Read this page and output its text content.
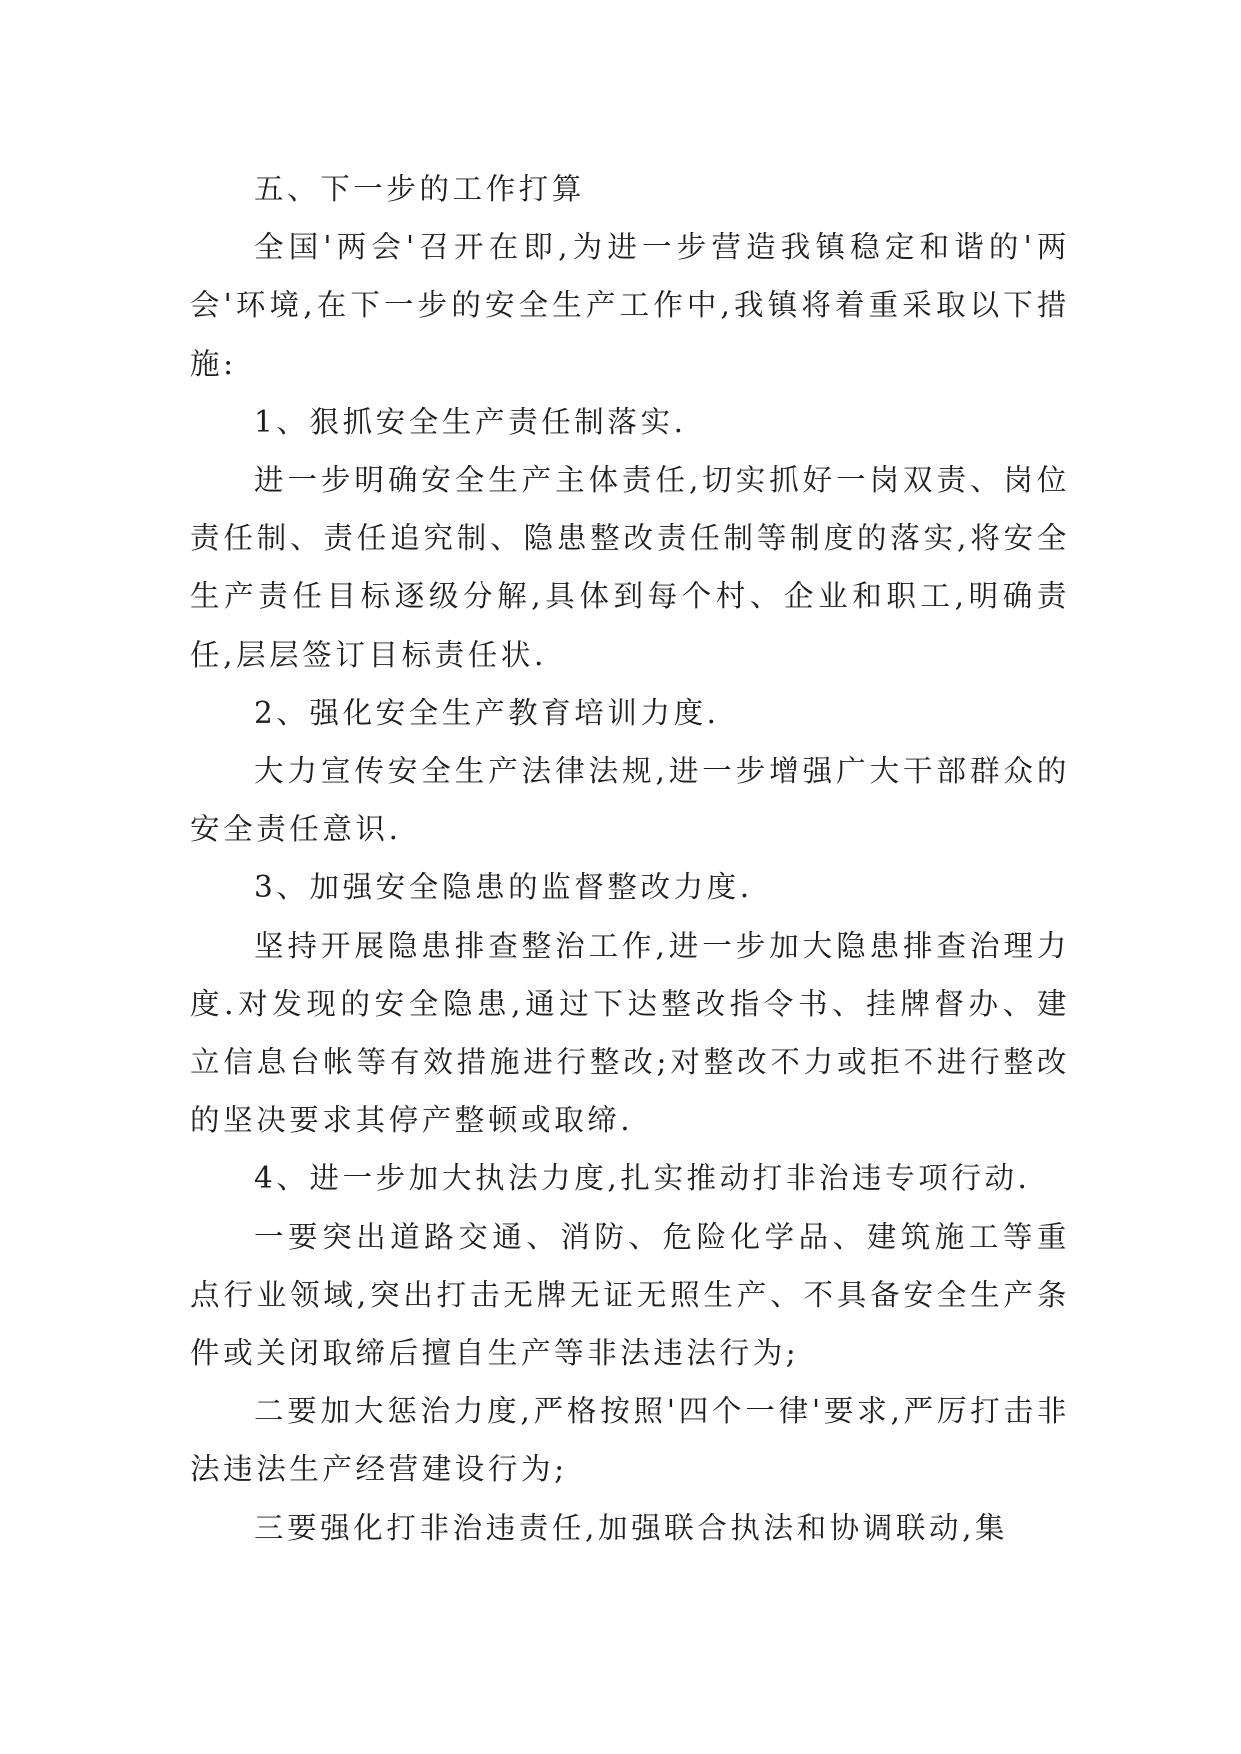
五、下一步的工作打算

全国'两会'召开在即,为进一步营造我镇稳定和谐的'两会'环境,在下一步的安全生产工作中,我镇将着重采取以下措施:

1、狠抓安全生产责任制落实.

进一步明确安全生产主体责任,切实抓好一岗双责、岗位责任制、责任追究制、隐患整改责任制等制度的落实,将安全生产责任目标逐级分解,具体到每个村、企业和职工,明确责任,层层签订目标责任状.

2、强化安全生产教育培训力度.

大力宣传安全生产法律法规,进一步增强广大干部群众的安全责任意识.

3、加强安全隐患的监督整改力度.

坚持开展隐患排查整治工作,进一步加大隐患排查治理力度.对发现的安全隐患,通过下达整改指令书、挂牌督办、建立信息台帐等有效措施进行整改;对整改不力或拒不进行整改的坚决要求其停产整顿或取缔.

4、进一步加大执法力度,扎实推动打非治违专项行动.

一要突出道路交通、消防、危险化学品、建筑施工等重点行业领域,突出打击无牌无证无照生产、不具备安全生产条件或关闭取缔后擅自生产等非法违法行为;

二要加大惩治力度,严格按照'四个一律'要求,严厉打击非法违法生产经营建设行为;

三要强化打非治违责任,加强联合执法和协调联动,集
